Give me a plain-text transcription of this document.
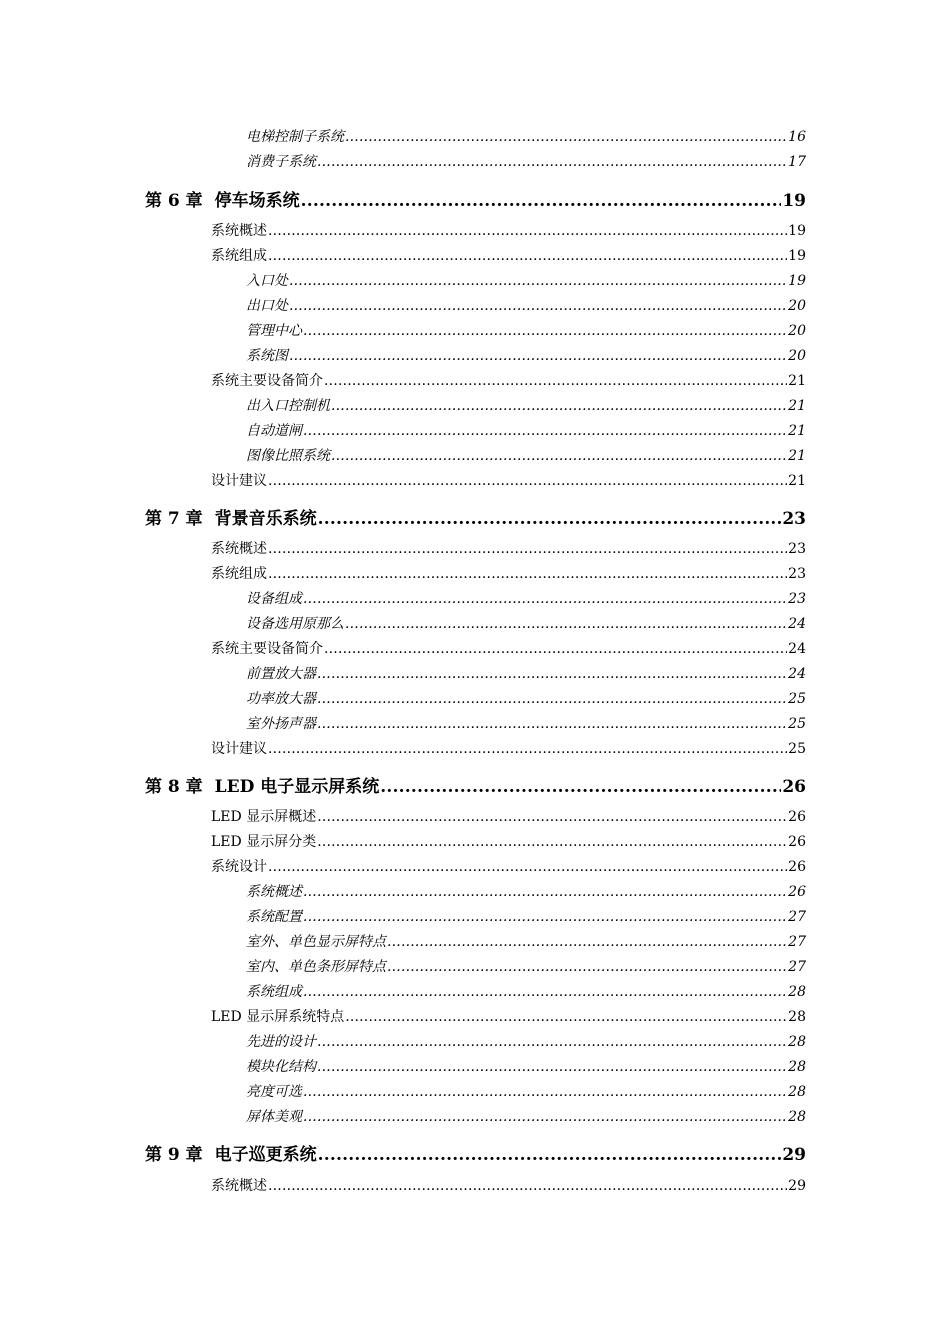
电梯控制子系统 .....	16
消费子系统 .....	17
第 6 章 停车场系统 .....	19
系统概述 .....	19
系统组成 .....	19
入口处 .....	19
出口处 .....	20
管理中心 .....	20
系统图 .....	20
系统主要设备简介 .....	21
出入口控制机 .....	21
自动道闸 .....	21
图像比照系统 .....	21
设计建议 .....	21
第 7 章 背景音乐系统 .....	23
系统概述 .....	23
系统组成 .....	23
设备组成 .....	23
设备选用原那么 .....	24
系统主要设备简介 .....	24
前置放大器 .....	24
功率放大器 .....	25
室外扬声器 .....	25
设计建议 .....	25
第 8 章 LED 电子显示屏系统 .....	26
LED 显示屏概述 .....	26
LED 显示屏分类 .....	26
系统设计 .....	26
系统概述 .....	26
系统配置 .....	27
室外、单色显示屏特点 .....	27
室内、单色条形屏特点 .....	27
系统组成 .....	28
LED 显示屏系统特点 .....	28
先进的设计 .....	28
模块化结构 .....	28
亮度可选 .....	28
屏体美观 .....	28
第 9 章 电子巡更系统 .....	29
系统概述 .....	29
